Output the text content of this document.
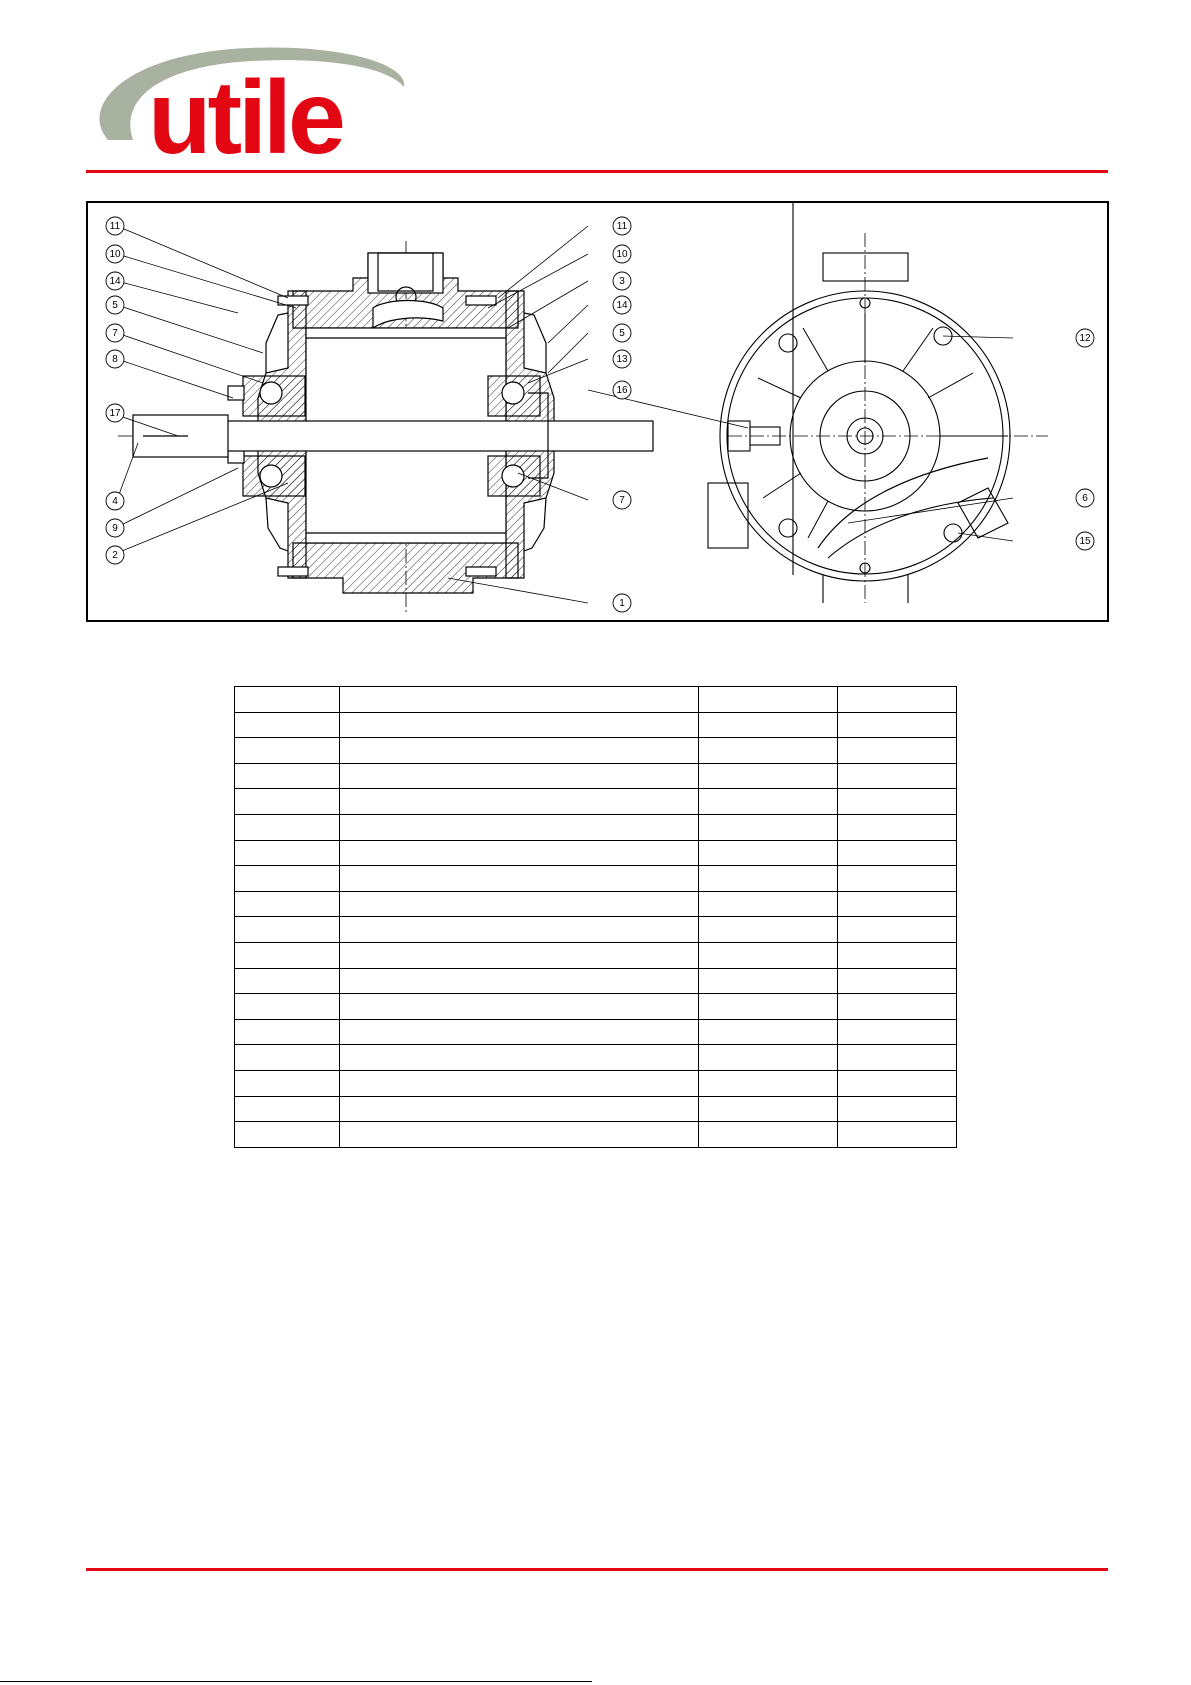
utile
11
10
14
5
7
8
17
4
9
2
11
10
3
14
5
13
7
1
16
12
6
15
